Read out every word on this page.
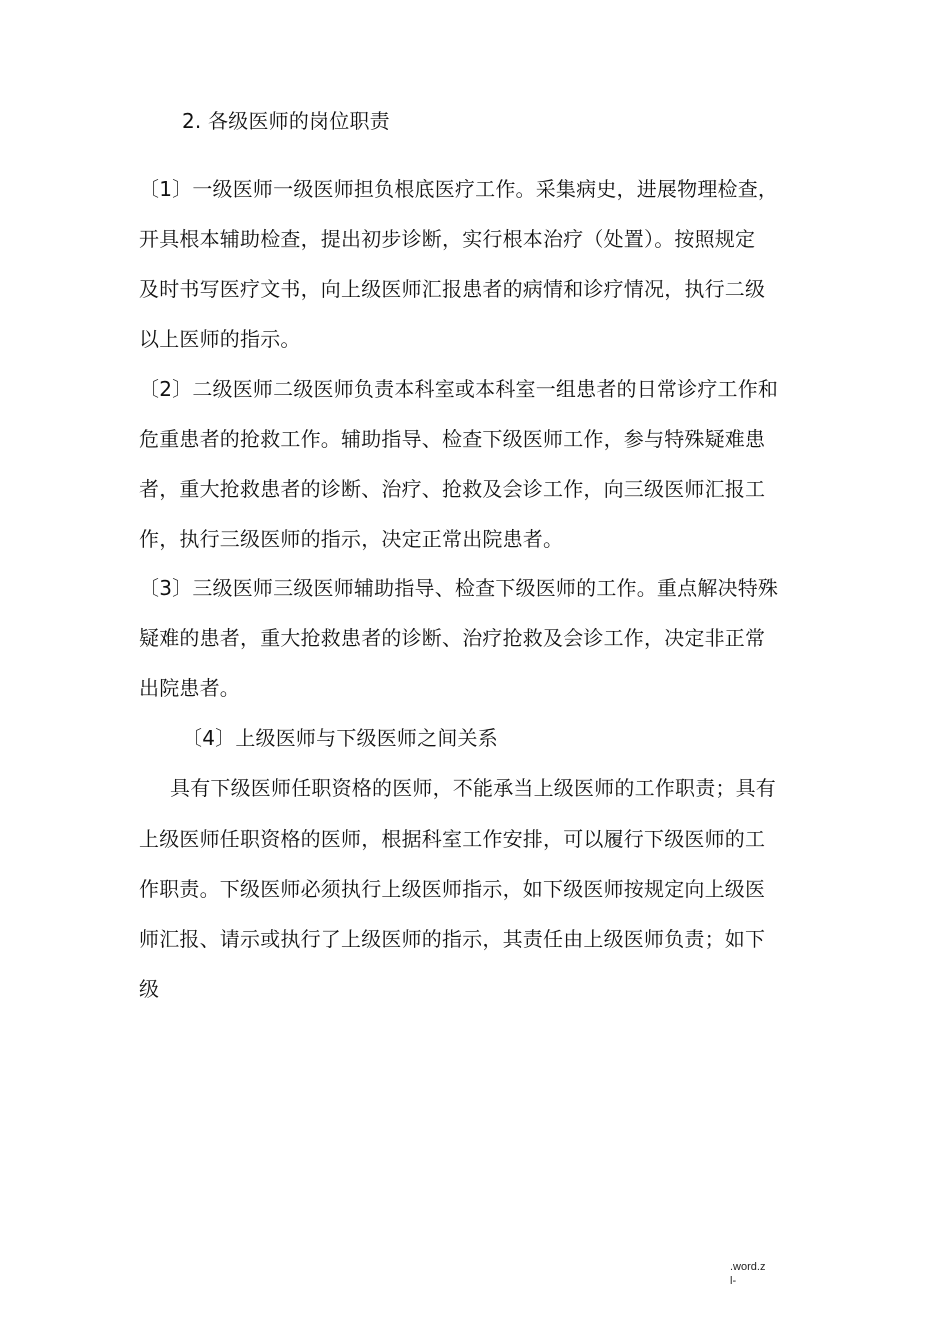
2. 各级医师的岗位职责
〔1〕一级医师一级医师担负根底医疗工作。采集病史，进展物理检查，
开具根本辅助检查，提出初步诊断，实行根本治疗（处置）。按照规定
及时书写医疗文书，向上级医师汇报患者的病情和诊疗情况，执行二级
以上医师的指示。
〔2〕二级医师二级医师负责本科室或本科室一组患者的日常诊疗工作和
危重患者的抢救工作。辅助指导、检查下级医师工作，参与特殊疑难患
者，重大抢救患者的诊断、治疗、抢救及会诊工作，向三级医师汇报工
作，执行三级医师的指示，决定正常出院患者。
〔3〕三级医师三级医师辅助指导、检查下级医师的工作。重点解决特殊
疑难的患者，重大抢救患者的诊断、治疗抢救及会诊工作，决定非正常
出院患者。
〔4〕上级医师与下级医师之间关系
具有下级医师任职资格的医师，不能承当上级医师的工作职责；具有
上级医师任职资格的医师，根据科室工作安排，可以履行下级医师的工
作职责。下级医师必须执行上级医师指示，如下级医师按规定向上级医
师汇报、请示或执行了上级医师的指示，其责任由上级医师负责；如下
级
.word.z
l-
